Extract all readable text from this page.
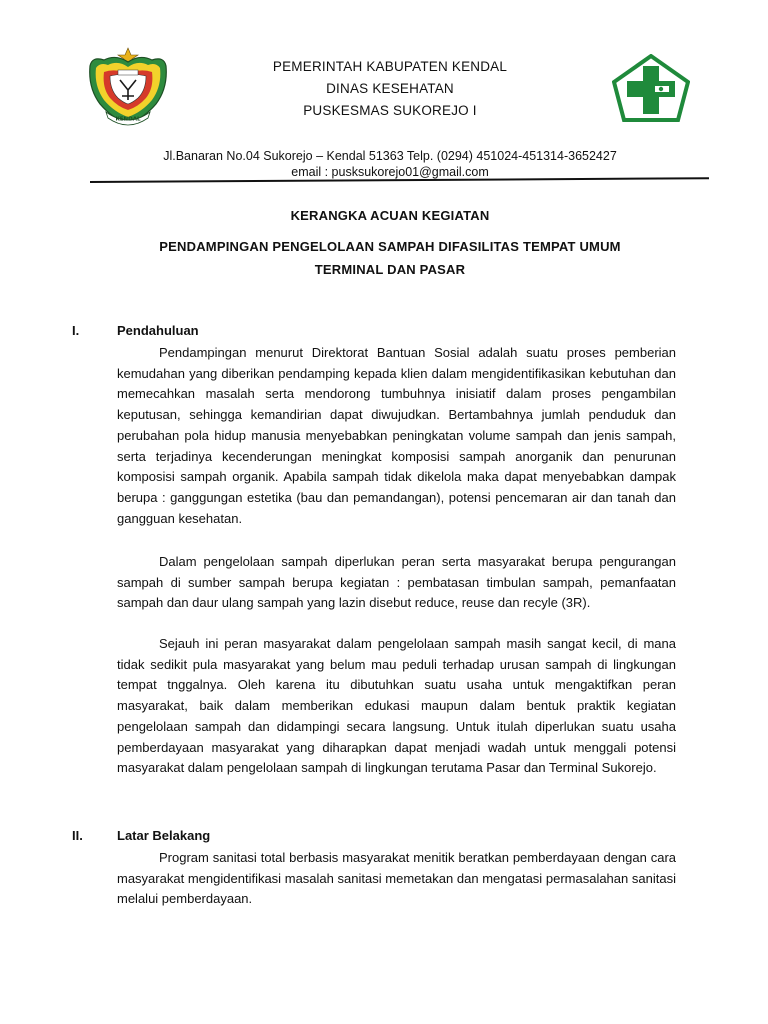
KENDAL
PEMERINTAH KABUPATEN KENDAL
DINAS KESEHATAN
PUSKESMAS SUKOREJO I
Jl.Banaran No.04 Sukorejo – Kendal 51363 Telp. (0294) 451024-451314-3652427
email : pusksukorejo01@gmail.com
KERANGKA ACUAN KEGIATAN
PENDAMPINGAN PENGELOLAAN SAMPAH DIFASILITAS TEMPAT UMUM
TERMINAL DAN PASAR
I.	Pendahuluan

Pendampingan menurut Direktorat Bantuan Sosial adalah suatu proses pemberian kemudahan yang diberikan pendamping kepada klien dalam mengidentifikasikan kebutuhan dan memecahkan masalah serta mendorong tumbuhnya inisiatif dalam proses pengambilan keputusan, sehingga kemandirian dapat diwujudkan. Bertambahnya jumlah penduduk dan perubahan pola hidup manusia menyebabkan peningkatan volume sampah dan jenis sampah, serta terjadinya kecenderungan meningkat komposisi sampah anorganik dan penurunan komposisi sampah organik. Apabila sampah tidak dikelola maka dapat menyebabkan dampak berupa : ganggungan estetika (bau dan pemandangan), potensi pencemaran air dan tanah dan gangguan kesehatan.

Dalam pengelolaan sampah diperlukan peran serta masyarakat berupa pengurangan sampah di sumber sampah berupa kegiatan : pembatasan timbulan sampah, pemanfaatan sampah dan daur ulang sampah yang lazin disebut reduce, reuse dan recyle (3R).

Sejauh ini peran masyarakat dalam pengelolaan sampah masih sangat kecil, di mana tidak sedikit pula masyarakat yang belum mau peduli terhadap urusan sampah di lingkungan tempat tnggalnya. Oleh karena itu dibutuhkan suatu usaha untuk mengaktifkan peran masyarakat, baik dalam memberikan edukasi maupun dalam bentuk praktik kegiatan pengelolaan sampah dan didampingi secara langsung. Untuk itulah diperlukan suatu usaha pemberdayaan masyarakat yang diharapkan dapat menjadi wadah untuk menggali potensi masyarakat dalam pengelolaan sampah di lingkungan terutama Pasar dan Terminal Sukorejo.

II.	Latar Belakang

Program sanitasi total berbasis masyarakat menitik beratkan pemberdayaan dengan cara masyarakat mengidentifikasi masalah sanitasi memetakan dan mengatasi permasalahan sanitasi melalui pemberdayaan.
